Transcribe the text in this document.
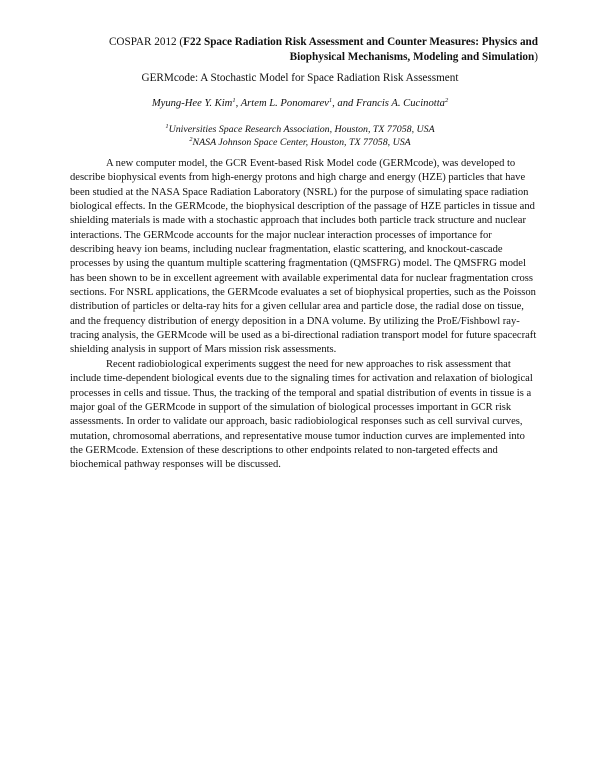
COSPAR 2012 (F22 Space Radiation Risk Assessment and Counter Measures: Physics and Biophysical Mechanisms, Modeling and Simulation)
GERMcode: A Stochastic Model for Space Radiation Risk Assessment
Myung-Hee Y. Kim$^1$, Artem L. Ponomarev$^1$, and Francis A. Cucinotta$^2$
$^1$Universities Space Research Association, Houston, TX 77058, USA
$^2$NASA Johnson Space Center, Houston, TX 77058, USA

A new computer model, the GCR Event-based Risk Model code (GERMcode), was developed to describe biophysical events from high-energy protons and high charge and energy (HZE) particles that have been studied at the NASA Space Radiation Laboratory (NSRL) for the purpose of simulating space radiation biological effects. In the GERMcode, the biophysical description of the passage of HZE particles in tissue and shielding materials is made with a stochastic approach that includes both particle track structure and nuclear interactions. The GERMcode accounts for the major nuclear interaction processes of importance for describing heavy ion beams, including nuclear fragmentation, elastic scattering, and knockout-cascade processes by using the quantum multiple scattering fragmentation (QMSFRG) model. The QMSFRG model has been shown to be in excellent agreement with available experimental data for nuclear fragmentation cross sections. For NSRL applications, the GERMcode evaluates a set of biophysical properties, such as the Poisson distribution of particles or delta-ray hits for a given cellular area and particle dose, the radial dose on tissue, and the frequency distribution of energy deposition in a DNA volume. By utilizing the ProE/Fishbowl ray-tracing analysis, the GERMcode will be used as a bi-directional radiation transport model for future spacecraft shielding analysis in support of Mars mission risk assessments.

Recent radiobiological experiments suggest the need for new approaches to risk assessment that include time-dependent biological events due to the signaling times for activation and relaxation of biological processes in cells and tissue. Thus, the tracking of the temporal and spatial distribution of events in tissue is a major goal of the GERMcode in support of the simulation of biological processes important in GCR risk assessments. In order to validate our approach, basic radiobiological responses such as cell survival curves, mutation, chromosomal aberrations, and representative mouse tumor induction curves are implemented into the GERMcode. Extension of these descriptions to other endpoints related to non-targeted effects and biochemical pathway responses will be discussed.
